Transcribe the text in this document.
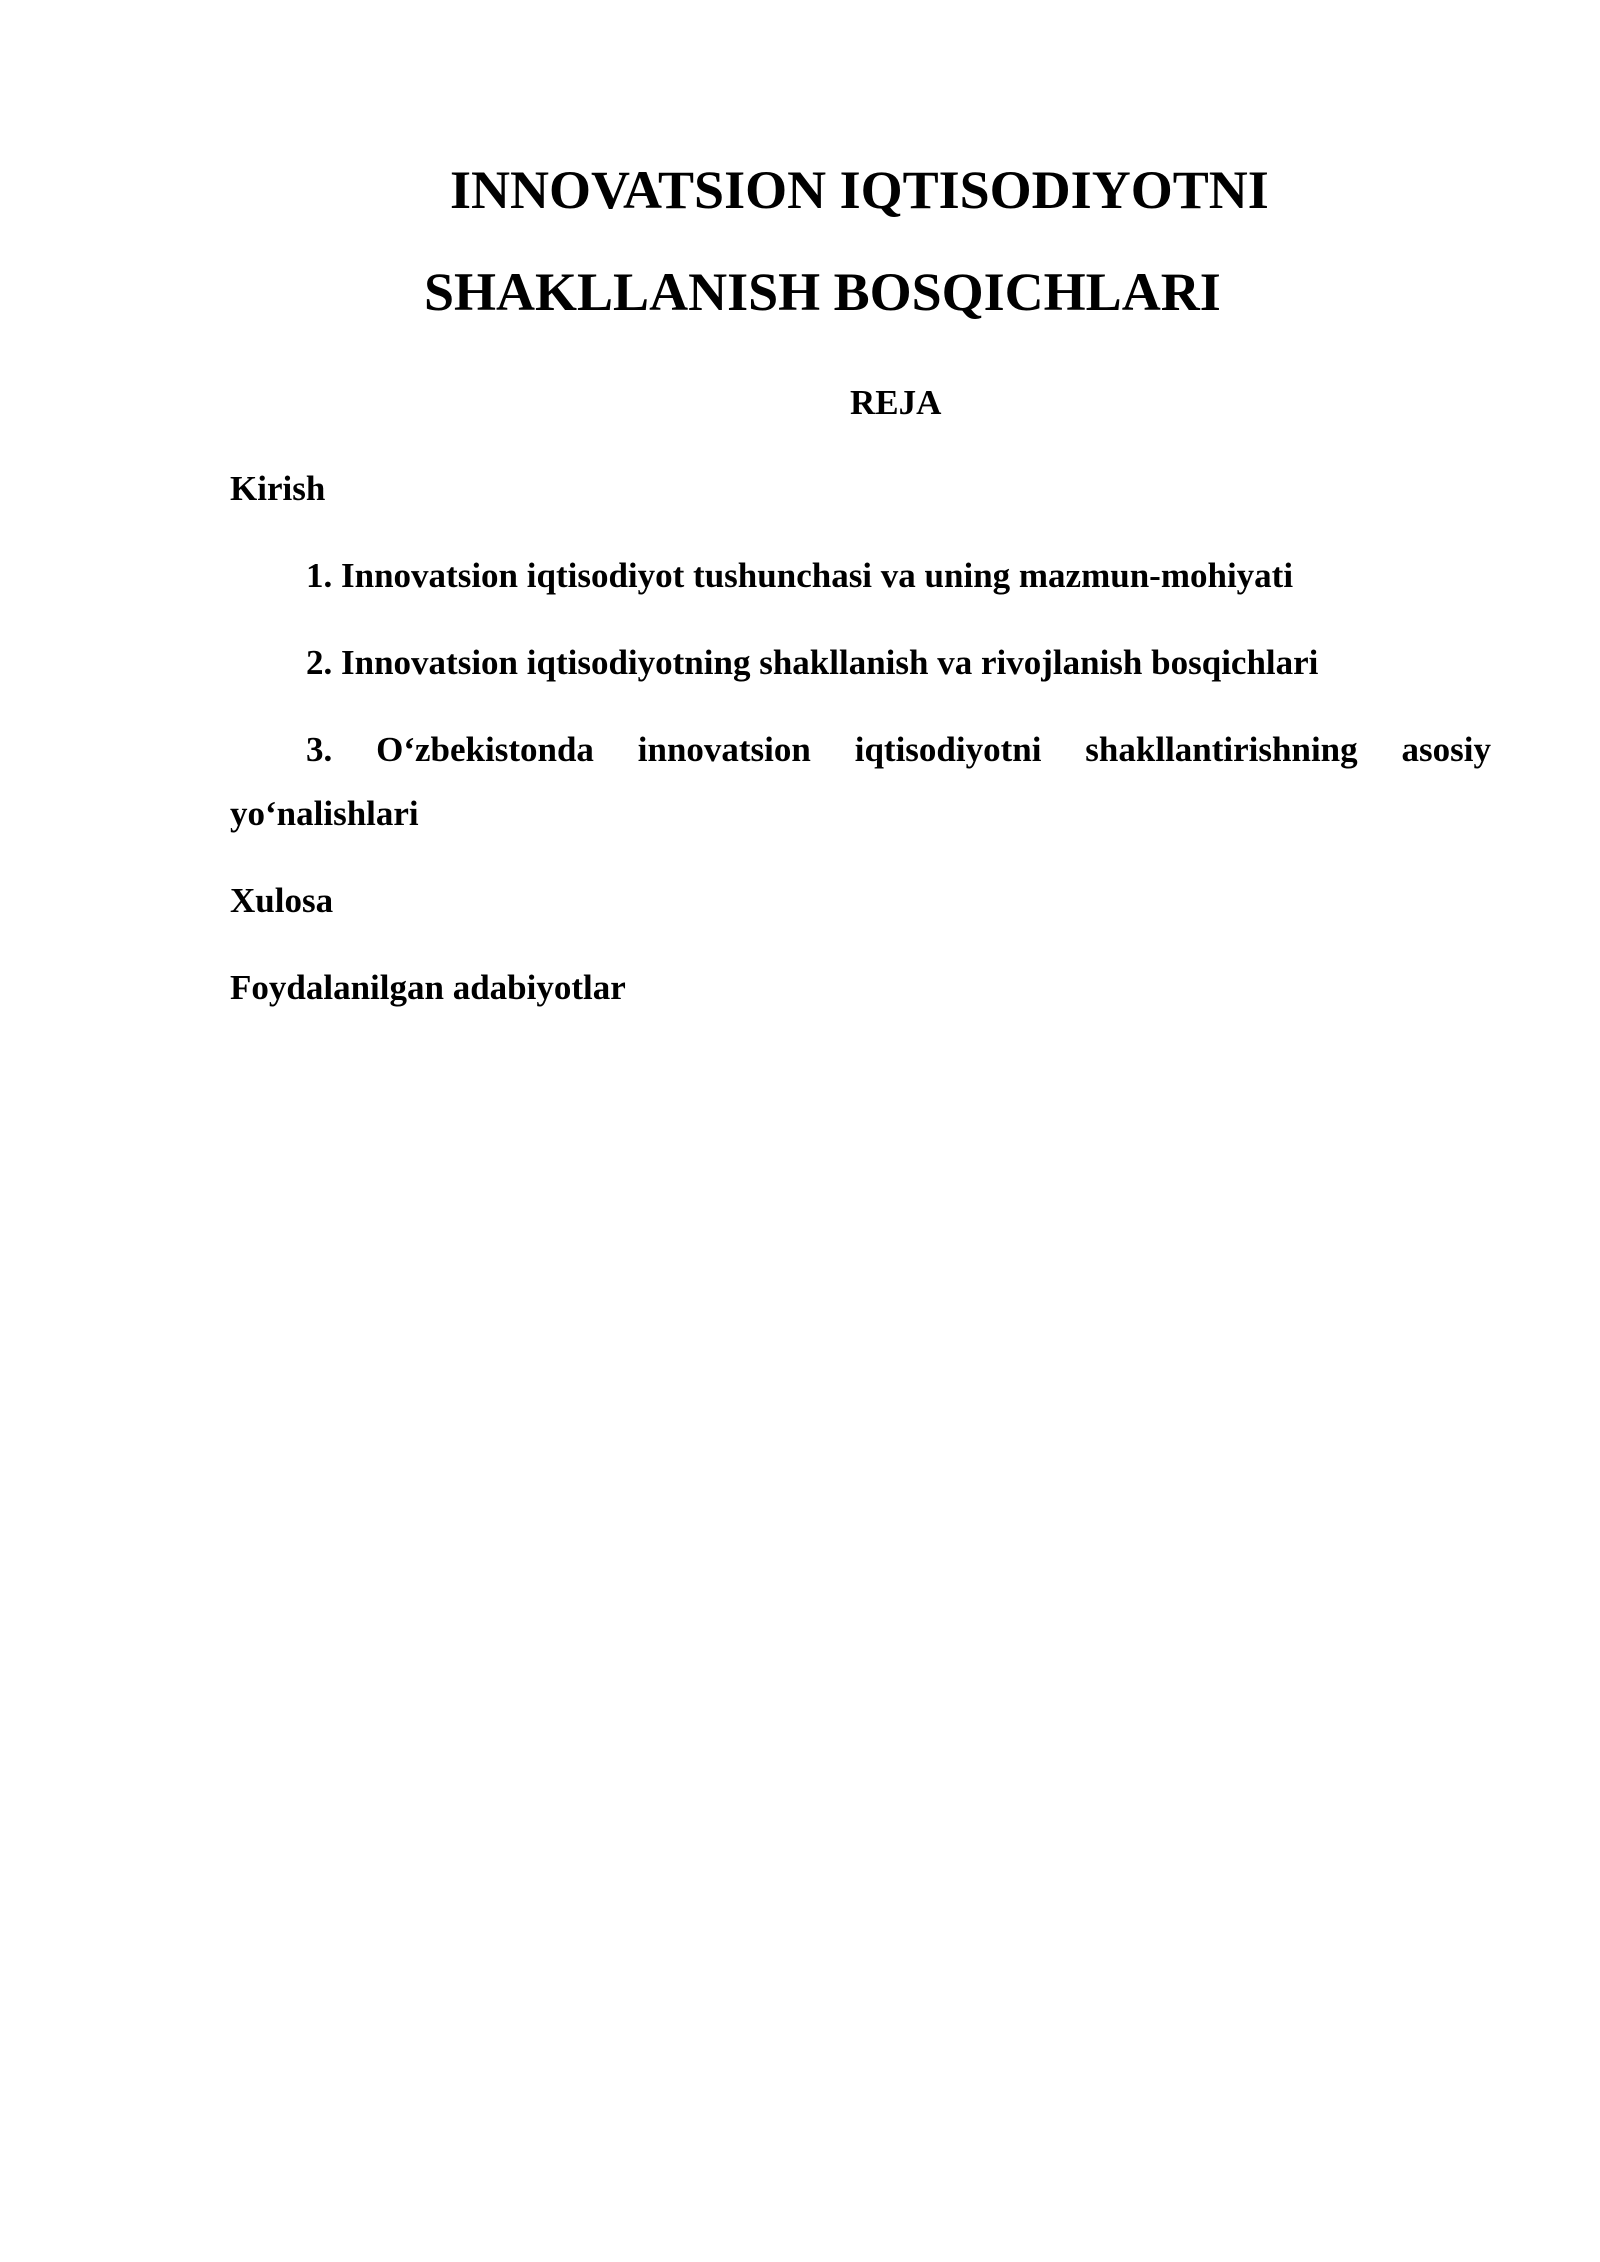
INNOVATSION IQTISODIYOTNI
SHAKLLANISH BOSQICHLARI
REJA
Kirish
1. Innovatsion iqtisodiyot tushunchasi va uning mazmun-mohiyati
2. Innovatsion iqtisodiyotning shakllanish va rivojlanish bosqichlari
3. O‘zbekistonda innovatsion iqtisodiyotni shakllantirishning asosiy
yo‘nalishlari
Xulosa
Foydalanilgan adabiyotlar
